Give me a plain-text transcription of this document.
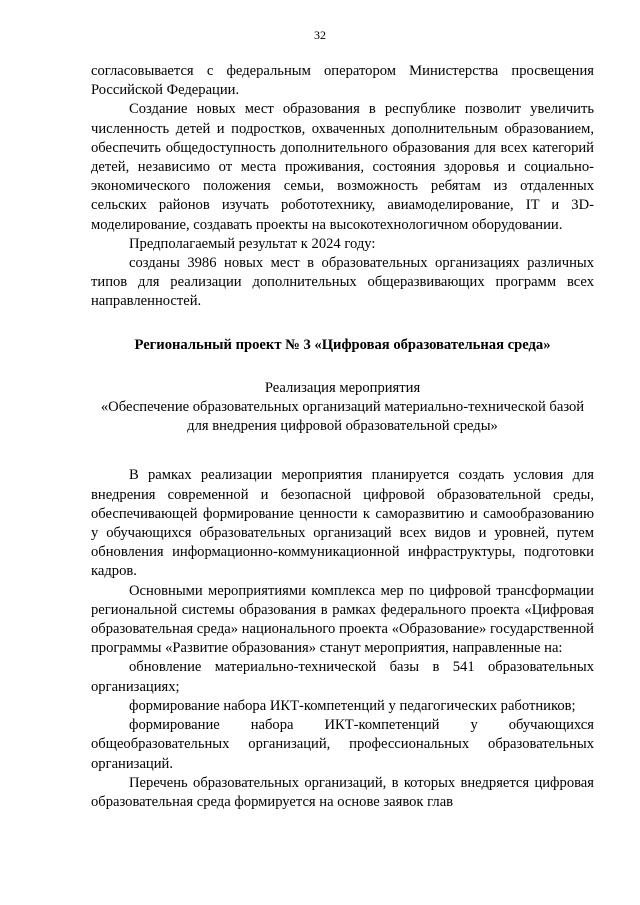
32

согласовывается с федеральным оператором Министерства просвещения Российской Федерации.

Создание новых мест образования в республике позволит увеличить численность детей и подростков, охваченных дополнительным образованием, обеспечить общедоступность дополнительного образования для всех категорий детей, независимо от места проживания, состояния здоровья и социально-экономического положения семьи, возможность ребятам из отдаленных сельских районов изучать робототехнику, авиамоделирование, IT и 3D-моделирование, создавать проекты на высокотехнологичном оборудовании.

Предполагаемый результат к 2024 году:

созданы 3986 новых мест в образовательных организациях различных типов для реализации дополнительных общеразвивающих программ всех направленностей.

Региональный проект № 3 «Цифровая образовательная среда»

Реализация мероприятия

«Обеспечение образовательных организаций материально-технической базой для внедрения цифровой образовательной среды»

В рамках реализации мероприятия планируется создать условия для внедрения современной и безопасной цифровой образовательной среды, обеспечивающей формирование ценности к саморазвитию и самообразованию у обучающихся образовательных организаций всех видов и уровней, путем обновления информационно-коммуникационной инфраструктуры, подготовки кадров.

Основными мероприятиями комплекса мер по цифровой трансформации региональной системы образования в рамках федерального проекта «Цифровая образовательная среда» национального проекта «Образование» государственной программы «Развитие образования» станут мероприятия, направленные на:

обновление материально-технической базы в 541 образовательных организациях;

формирование набора ИКТ-компетенций у педагогических работников;

формирование набора ИКТ-компетенций у обучающихся общеобразовательных организаций, профессиональных образовательных организаций.

Перечень образовательных организаций, в которых внедряется цифровая образовательная среда формируется на основе заявок глав
